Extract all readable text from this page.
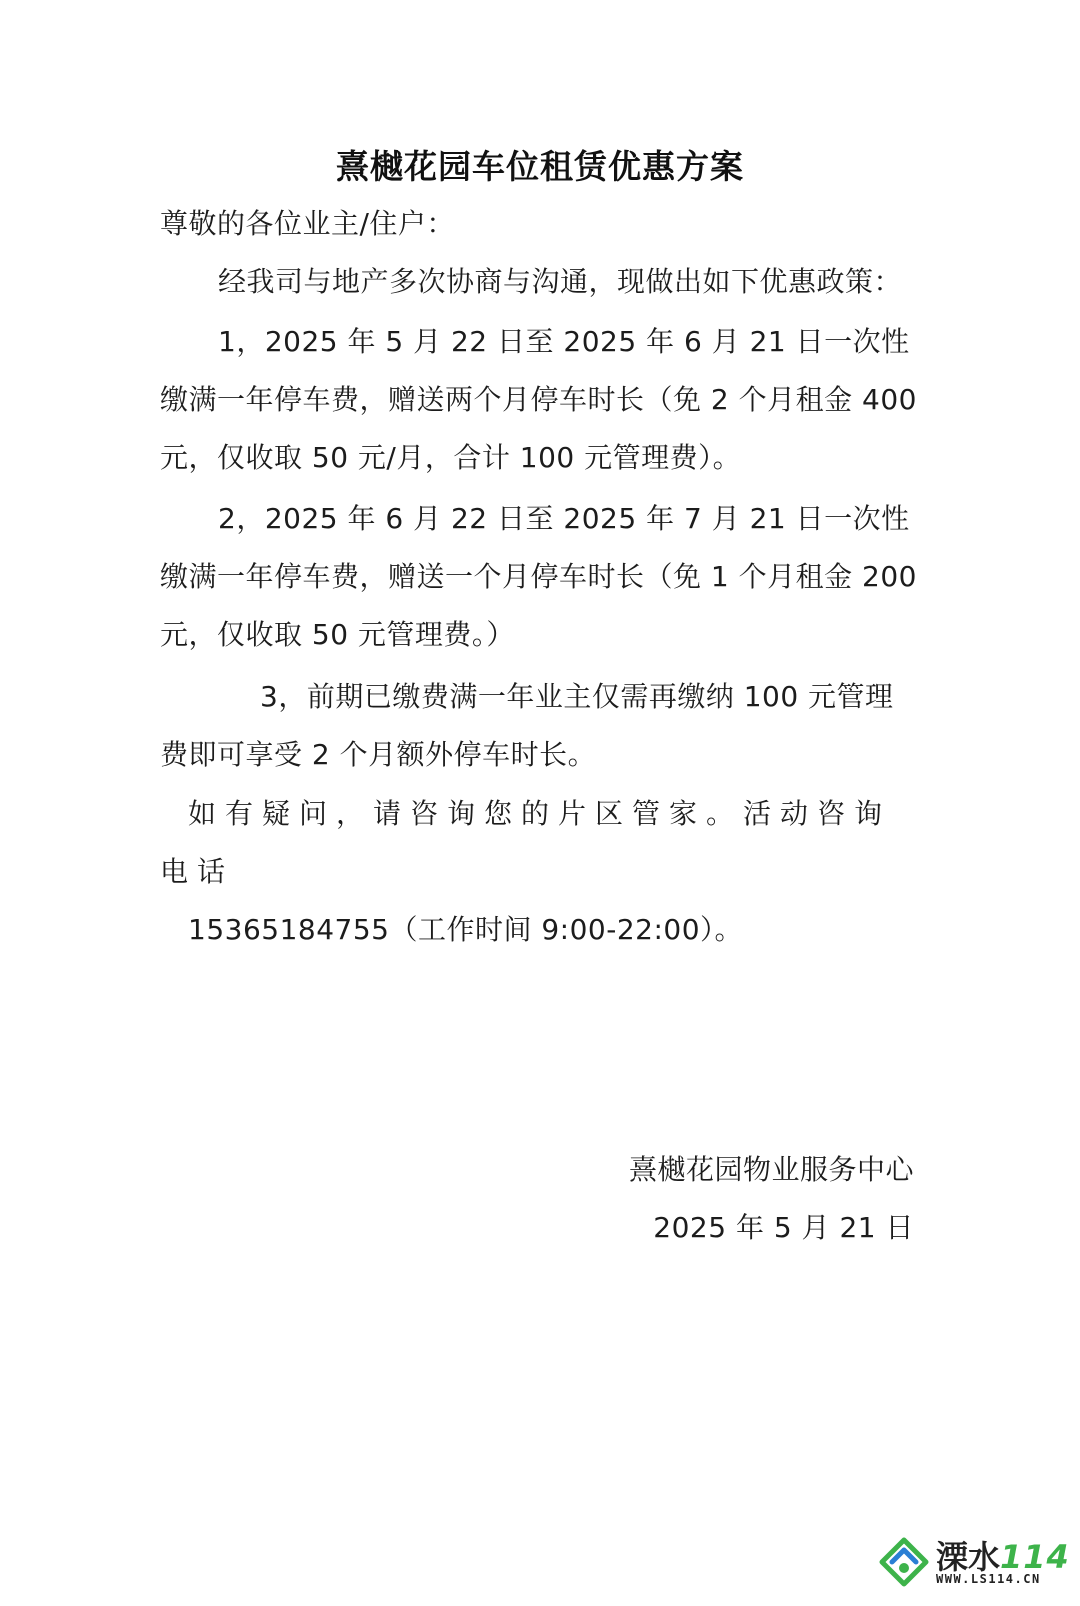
熹樾花园车位租赁优惠方案
尊敬的各位业主/住户：
经我司与地产多次协商与沟通，现做出如下优惠政策：
1，2025 年 5 月 22 日至 2025 年 6 月 21 日一次性缴满一年停车费，赠送两个月停车时长（免 2 个月租金 400 元，仅收取 50 元/月，合计 100 元管理费）。
2，2025 年 6 月 22 日至 2025 年 7 月 21 日一次性缴满一年停车费，赠送一个月停车时长（免 1 个月租金 200 元，仅收取 50 元管理费。）
3，前期已缴费满一年业主仅需再缴纳 100 元管理费即可享受 2 个月额外停车时长。
如有疑问，请咨询您的片区管家。活动咨询电话
15365184755（工作时间 9:00-22:00）。
熹樾花园物业服务中心
2025 年 5 月 21 日
溧水114
WWW.LS114.CN
